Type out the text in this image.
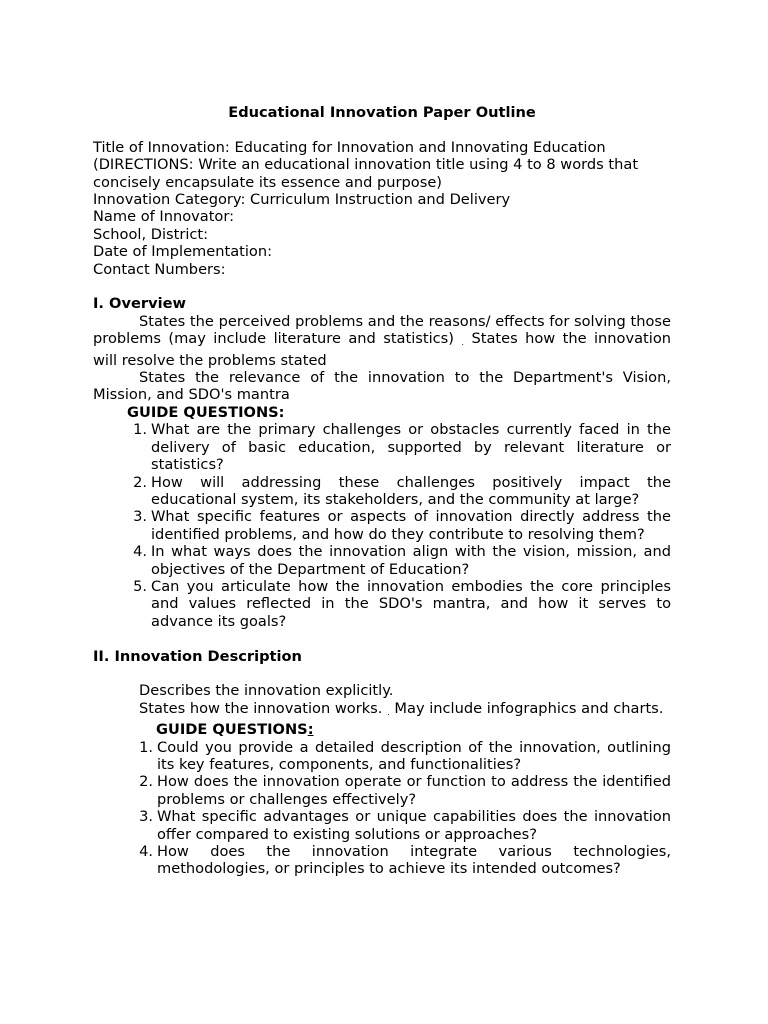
Educational Innovation Paper Outline

Title of Innovation: Educating for Innovation and Innovating Education

(DIRECTIONS: Write an educational innovation title using 4 to 8 words that concisely encapsulate its essence and purpose)

Innovation Category: Curriculum Instruction and Delivery

Name of Innovator:

School, District:

Date of Implementation:

Contact Numbers:

I. Overview

States the perceived problems and the reasons/ effects for solving those problems (may include literature and statistics) ․ States how the innovation will resolve the problems stated

States the relevance of the innovation to the Department's Vision, Mission, and SDO's mantra

GUIDE QUESTIONS:

1. What are the primary challenges or obstacles currently faced in the delivery of basic education, supported by relevant literature or statistics?
2. How will addressing these challenges positively impact the educational system, its stakeholders, and the community at large?
3. What specific features or aspects of innovation directly address the identified problems, and how do they contribute to resolving them?
4. In what ways does the innovation align with the vision, mission, and objectives of the Department of Education?
5. Can you articulate how the innovation embodies the core principles and values reflected in the SDO's mantra, and how it serves to advance its goals?

II. Innovation Description

Describes the innovation explicitly.

States how the innovation works. ․ May include infographics and charts.

GUIDE QUESTIONS:

1. Could you provide a detailed description of the innovation, outlining its key features, components, and functionalities?
2. How does the innovation operate or function to address the identified problems or challenges effectively?
3. What specific advantages or unique capabilities does the innovation offer compared to existing solutions or approaches?
4. How does the innovation integrate various technologies, methodologies, or principles to achieve its intended outcomes?
